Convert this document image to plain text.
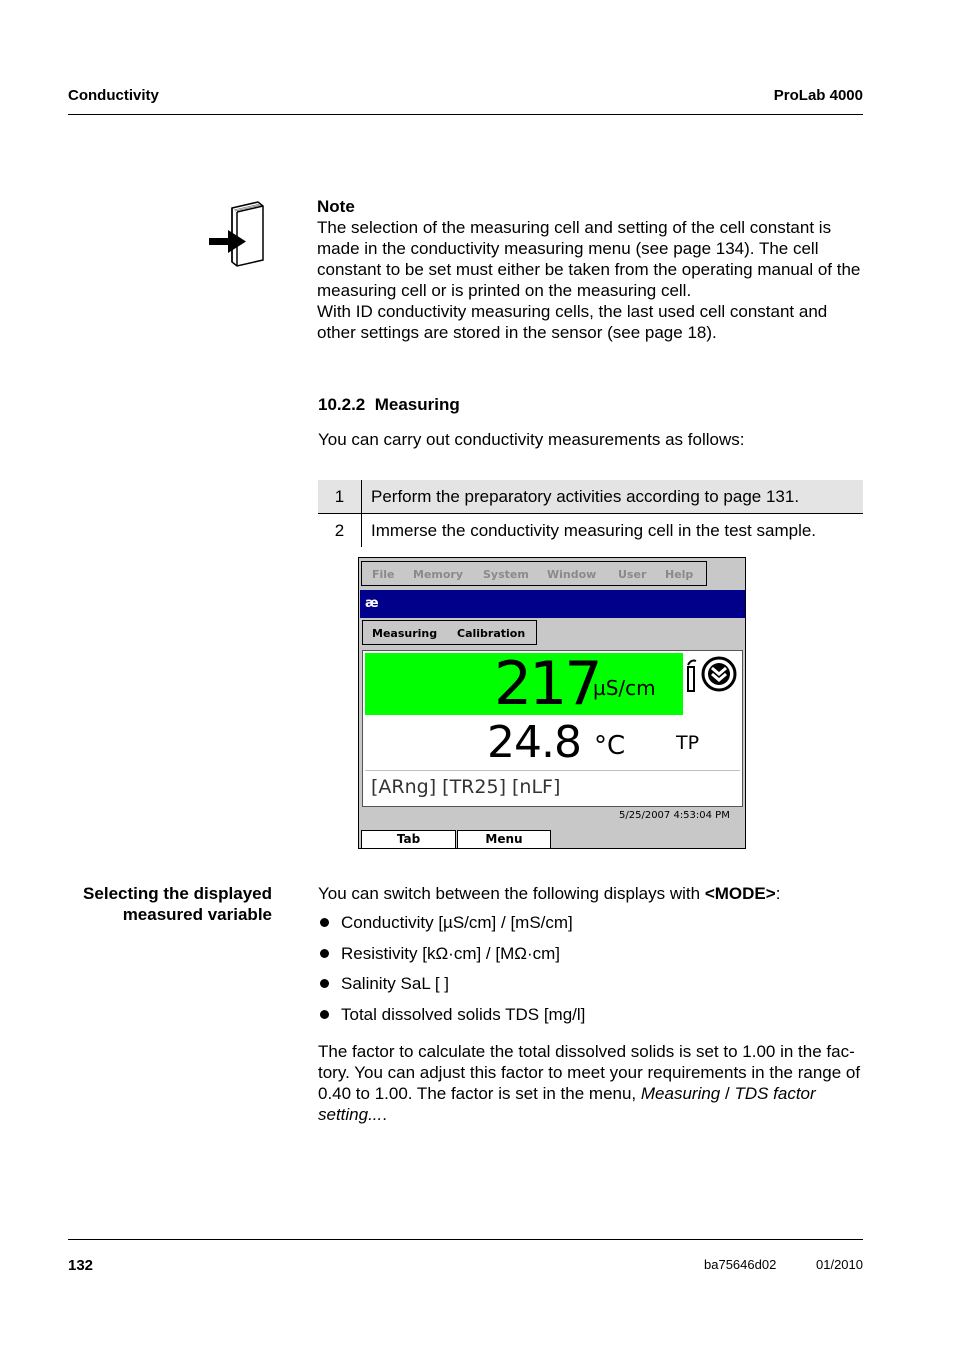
Conductivity	ProLab 4000

Note

The selection of the measuring cell and setting of the cell constant is made in the conductivity measuring menu (see page 134). The cell constant to be set must either be taken from the operating manual of the measuring cell or is printed on the measuring cell.

With ID conductivity measuring cells, the last used cell constant and other settings are stored in the sensor (see page 18).

10.2.2 Measuring
You can carry out conductivity measurements as follows:
1	Perform the preparatory activities according to page 131.
2	Immerse the conductivity measuring cell in the test sample.
File Memory System Window User Help
æ
Measuring Calibration
217
µS/cm
24.8 °C	TP
[ARng] [TR25] [nLF]
5/25/2007 4:53:04 PM
Tab	Menu
Selecting the displayed
measured variable
You can switch between the following displays with <MODE>:
Conductivity [µS/cm] / [mS/cm]
Resistivity [kΩ·cm] / [MΩ·cm]
Salinity SaL [ ]
Total dissolved solids TDS [mg/l]
The factor to calculate the total dissolved solids is set to 1.00 in the fac-tory. You can adjust this factor to meet your requirements in the range of 0.40 to 1.00. The factor is set in the menu, Measuring / TDS factor setting....
132	ba75646d02	01/2010
